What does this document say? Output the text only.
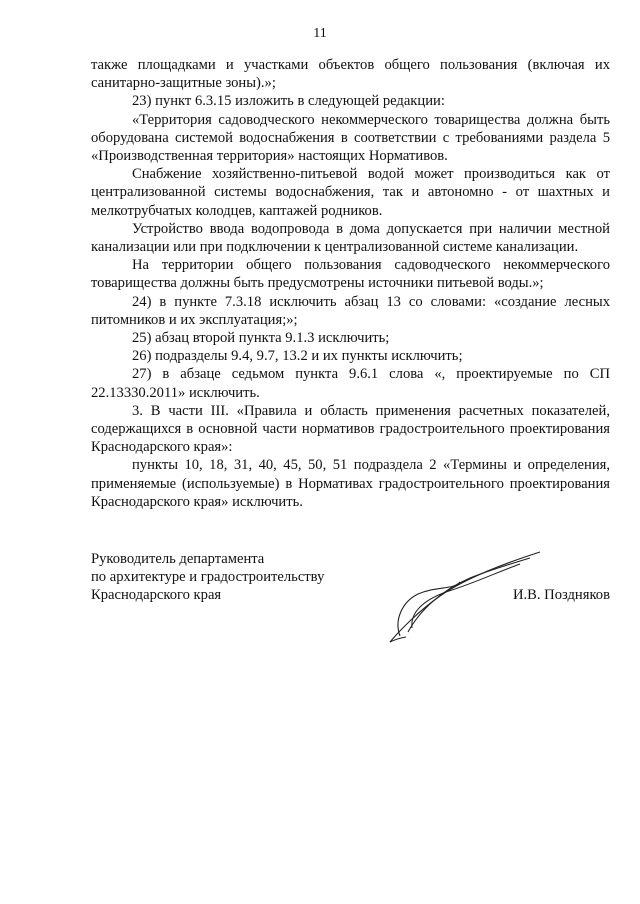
11

также площадками и участками объектов общего пользования (включая их санитарно-защитные зоны).»;

23) пункт 6.3.15 изложить в следующей редакции:

«Территория садоводческого некоммерческого товарищества должна быть оборудована системой водоснабжения в соответствии с требованиями раздела 5 «Производственная территория» настоящих Нормативов.

Снабжение хозяйственно-питьевой водой может производиться как от централизованной системы водоснабжения, так и автономно - от шахтных и мелкотрубчатых колодцев, каптажей родников.

Устройство ввода водопровода в дома допускается при наличии местной канализации или при подключении к централизованной системе канализации.

На территории общего пользования садоводческого некоммерческого товарищества должны быть предусмотрены источники питьевой воды.»;

24) в пункте 7.3.18 исключить абзац 13 со словами: «создание лесных питомников и их эксплуатация;»;

25) абзац второй пункта 9.1.3 исключить;

26) подразделы 9.4, 9.7, 13.2 и их пункты исключить;

27) в абзаце седьмом пункта 9.6.1 слова «, проектируемые по СП 22.13330.2011» исключить.

3. В части III. «Правила и область применения расчетных показателей, содержащихся в основной части нормативов градостроительного проектирования Краснодарского края»:

пункты 10, 18, 31, 40, 45, 50, 51 подраздела 2 «Термины и определения, применяемые (используемые) в Нормативах градостроительного проектирования Краснодарского края» исключить.

Руководитель департамента
по архитектуре и градостроительству
Краснодарского края	И.В. Поздняков
